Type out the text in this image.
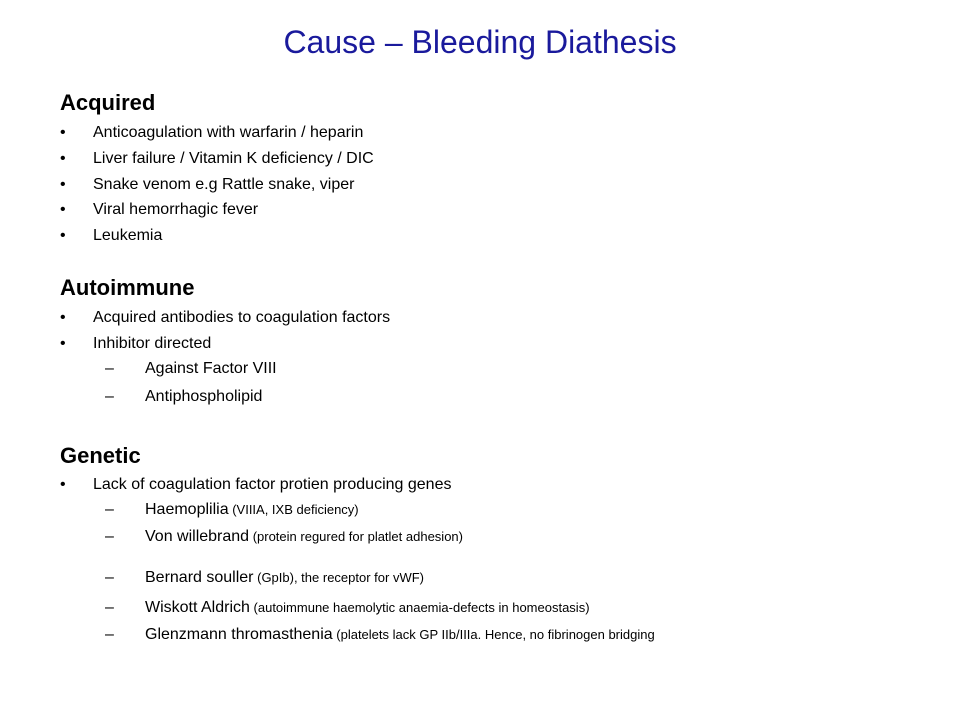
Cause – Bleeding Diathesis
Acquired
• Anticoagulation with warfarin / heparin
• Liver failure / Vitamin K deficiency / DIC
• Snake venom e.g Rattle snake, viper
• Viral hemorrhagic fever
• Leukemia
Autoimmune
• Acquired antibodies to coagulation factors
• Inhibitor directed
– Against Factor VIII
– Antiphospholipid
Genetic
• Lack of coagulation factor protien producing genes
– Haemoplilia (VIIIA, IXB deficiency)
– Von willebrand (protein regured for platlet adhesion)
– Bernard souller (GpIb), the receptor for vWF)
– Wiskott Aldrich (autoimmune haemolytic anaemia-defects in homeostasis)
– Glenzmann thromasthenia (platelets lack GP IIb/IIIa. Hence, no fibrinogen bridging
